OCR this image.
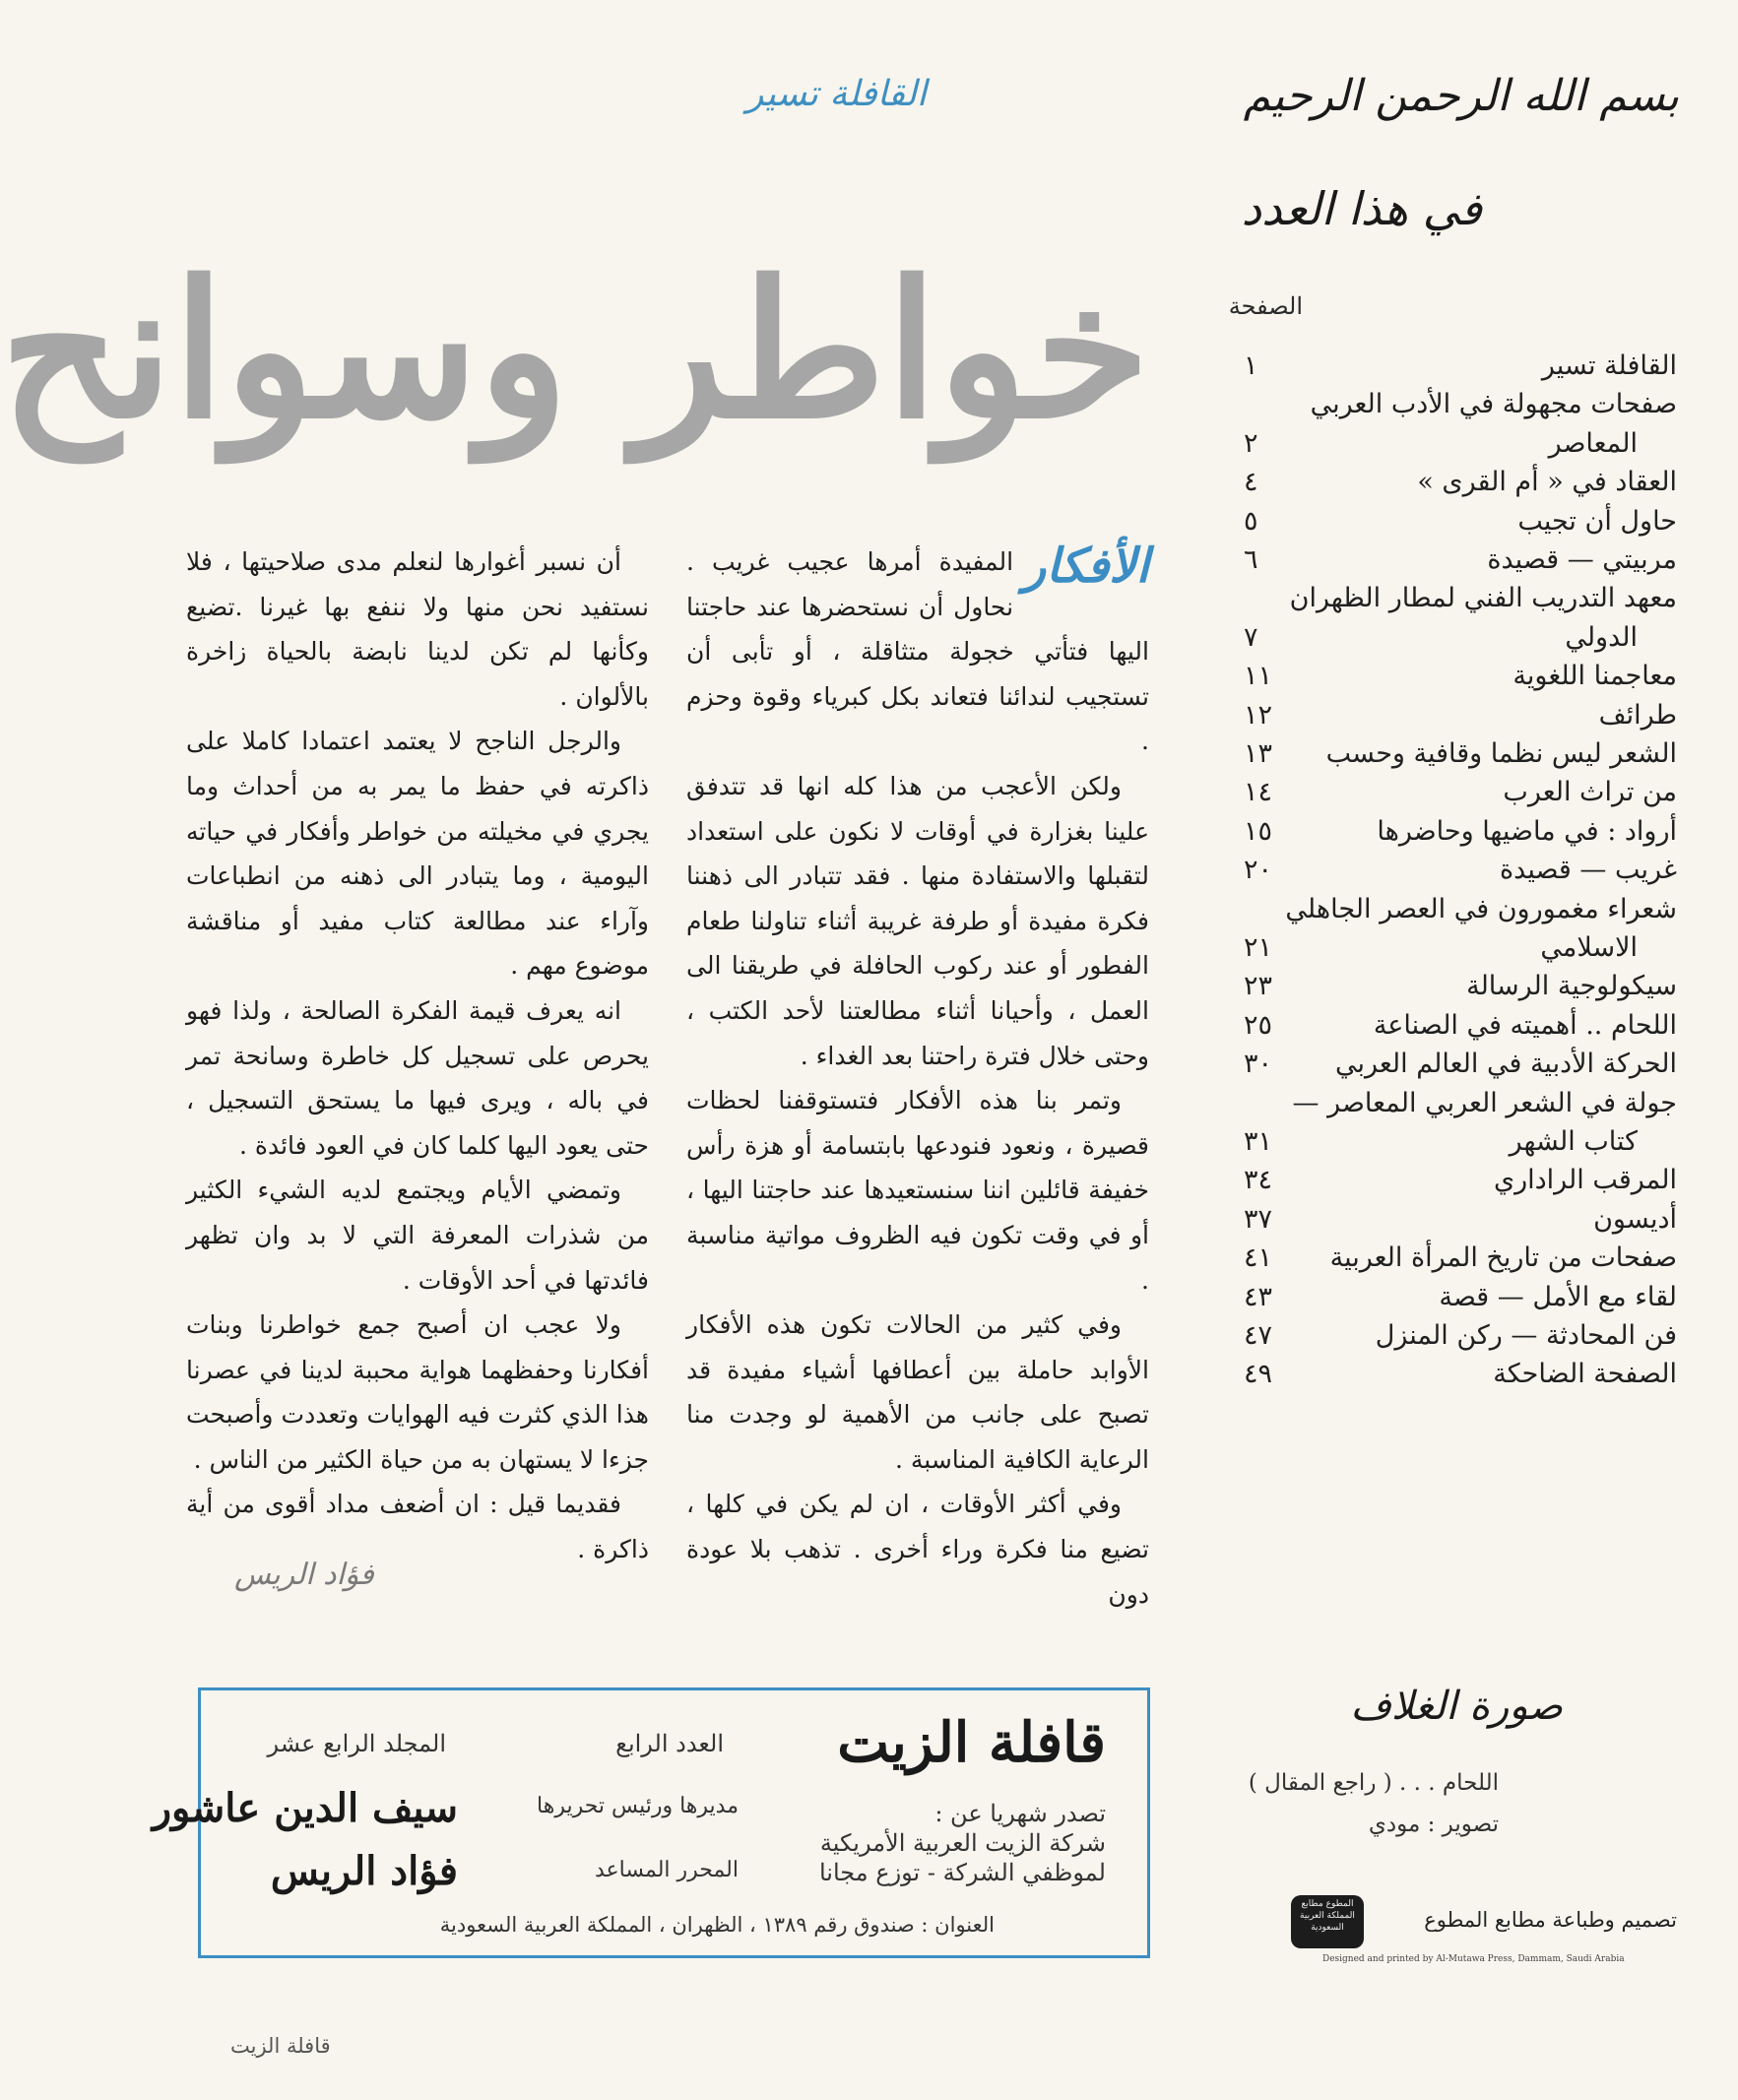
بسم الله الرحمن الرحيم
القافلة تسير
في هذا العدد
خواطر وسوانح	الصفحة
القافلة تسير
١
صفحات مجهولة في الأدب العربي
المعاصر
٢
العقاد في « أم القرى »
٤
حاول أن تجيب
٥
مربيتي — قصيدة
٦
معهد التدريب الفني لمطار الظهران
الدولي
٧
معاجمنا اللغوية
١١
طرائف
١٢
الشعر ليس نظما وقافية وحسب
١٣
من تراث العرب
١٤
أرواد : في ماضيها وحاضرها
١٥
غريب — قصيدة
٢٠
شعراء مغمورون في العصر الجاهلي
الاسلامي
٢١
سيكولوجية الرسالة
٢٣
اللحام .. أهميته في الصناعة
٢٥
الحركة الأدبية في العالم العربي
٣٠
جولة في الشعر العربي المعاصر —
كتاب الشهر
٣١
المرقب الراداري
٣٤
أديسون
٣٧
صفحات من تاريخ المرأة العربية
٤١
لقاء مع الأمل — قصة
٤٣
فن المحادثة — ركن المنزل
٤٧
الصفحة الضاحكة
٤٩
الأفكار

المفيدة أمرها عجيب غريب . نحاول أن نستحضرها عند حاجتنا اليها فتأتي خجولة متثاقلة ، أو تأبى أن تستجيب لندائنا فتعاند بكل كبرياء وقوة وحزم .

ولكن الأعجب من هذا كله انها قد تتدفق علينا بغزارة في أوقات لا نكون على استعداد لتقبلها والاستفادة منها . فقد تتبادر الى ذهننا فكرة مفيدة أو طرفة غريبة أثناء تناولنا طعام الفطور أو عند ركوب الحافلة في طريقنا الى العمل ، وأحيانا أثناء مطالعتنا لأحد الكتب ، وحتى خلال فترة راحتنا بعد الغداء .

وتمر بنا هذه الأفكار فتستوقفنا لحظات قصيرة ، ونعود فنودعها بابتسامة أو هزة رأس خفيفة قائلين اننا سنستعيدها عند حاجتنا اليها ، أو في وقت تكون فيه الظروف مواتية مناسبة .

وفي كثير من الحالات تكون هذه الأفكار الأوابد حاملة بين أعطافها أشياء مفيدة قد تصبح على جانب من الأهمية لو وجدت منا الرعاية الكافية المناسبة .

وفي أكثر الأوقات ، ان لم يكن في كلها ، تضيع منا فكرة وراء أخرى . تذهب بلا عودة دون

أن نسبر أغوارها لنعلم مدى صلاحيتها ، فلا نستفيد نحن منها ولا ننفع بها غيرنا .تضيع وكأنها لم تكن لدينا نابضة بالحياة زاخرة بالألوان .

والرجل الناجح لا يعتمد اعتمادا كاملا على ذاكرته في حفظ ما يمر به من أحداث وما يجري في مخيلته من خواطر وأفكار في حياته اليومية ، وما يتبادر الى ذهنه من انطباعات وآراء عند مطالعة كتاب مفيد أو مناقشة موضوع مهم .

انه يعرف قيمة الفكرة الصالحة ، ولذا فهو يحرص على تسجيل كل خاطرة وسانحة تمر في باله ، ويرى فيها ما يستحق التسجيل ، حتى يعود اليها كلما كان في العود فائدة .

وتمضي الأيام ويجتمع لديه الشيء الكثير من شذرات المعرفة التي لا بد وان تظهر فائدتها في أحد الأوقات .

ولا عجب ان أصبح جمع خواطرنا وبنات أفكارنا وحفظهما هواية محببة لدينا في عصرنا هذا الذي كثرت فيه الهوايات وتعددت وأصبحت جزءا لا يستهان به من حياة الكثير من الناس .

فقديما قيل : ان أضعف مداد أقوى من أية ذاكرة .

فؤاد الريس
قافلة الزيت
العدد الرابع
المجلد الرابع عشر
تصدر شهريا عن :
شركة الزيت العربية الأمريكية
لموظفي الشركة - توزع مجانا
مديرها ورئيس تحريرها
المحرر المساعد
سيف الدين عاشور
فؤاد الريس
العنوان : صندوق رقم ١٣٨٩ ، الظهران ، المملكة العربية السعودية
صورة الغلاف
اللحام . . . ( راجع المقال )
تصوير : مودي
المطوع مطابع المملكة العربية السعودية	تصميم وطباعة مطابع المطوع
Designed and printed by Al-Mutawa Press, Dammam, Saudi Arabia
قافلة الزيت
